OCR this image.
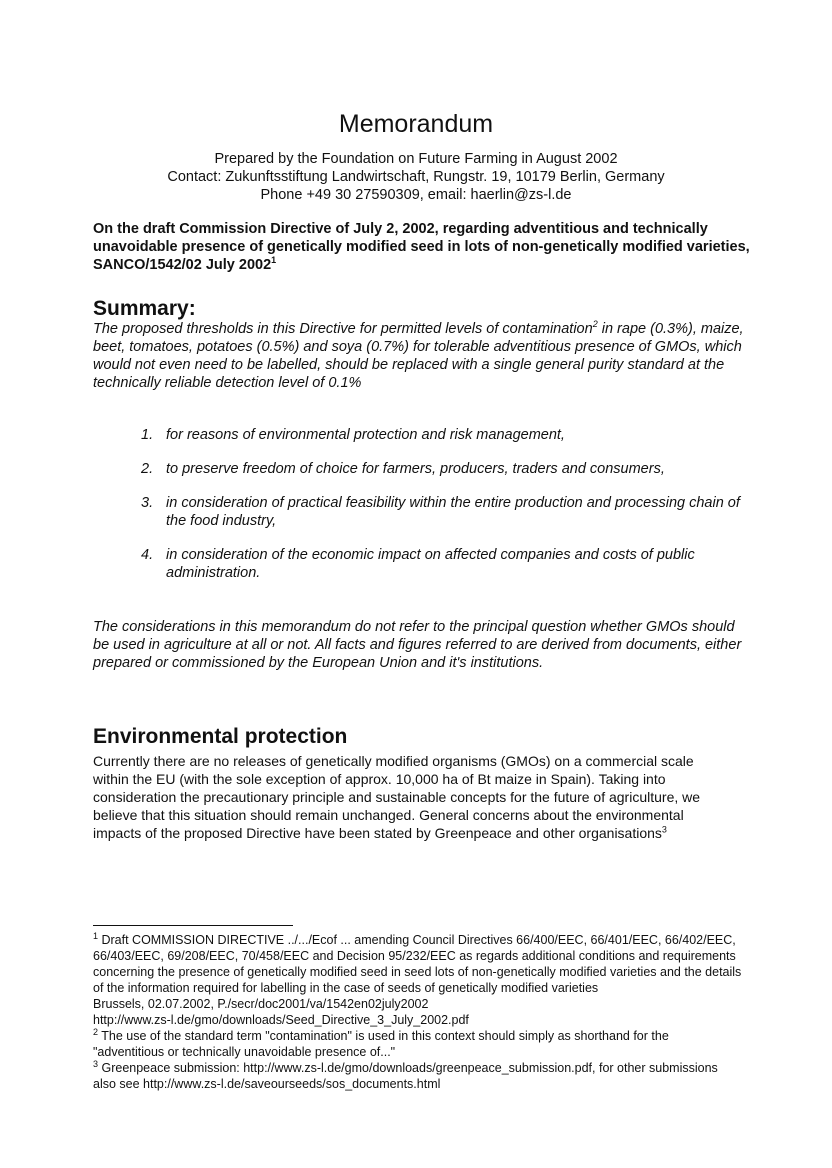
Memorandum
Prepared by the Foundation on Future Farming in August 2002
Contact: Zukunftsstiftung Landwirtschaft, Rungstr. 19, 10179 Berlin, Germany
Phone +49 30 27590309, email: haerlin@zs-l.de
On the draft Commission Directive of July 2, 2002, regarding adventitious and technically unavoidable presence of genetically modified seed in lots of non-genetically modified varieties, SANCO/1542/02 July 2002$^1$
Summary:
The proposed thresholds in this Directive for permitted levels of contamination$^2$ in rape (0.3%), maize, beet, tomatoes, potatoes (0.5%) and soya (0.7%) for tolerable adventitious presence of GMOs, which would not even need to be labelled, should be replaced with a single general purity standard at the technically reliable detection level of 0.1%
1. for reasons of environmental protection and risk management,
2. to preserve freedom of choice for farmers, producers, traders and consumers,
3. in consideration of practical feasibility within the entire production and processing chain of the food industry,
4. in consideration of the economic impact on affected companies and costs of public administration.
The considerations in this memorandum do not refer to the principal question whether GMOs should be used in agriculture at all or not. All facts and figures referred to are derived from documents, either prepared or commissioned by the European Union and it's institutions.
Environmental protection
Currently there are no releases of genetically modified organisms (GMOs) on a commercial scale within the EU (with the sole exception of approx. 10,000 ha of Bt maize in Spain). Taking into consideration the precautionary principle and sustainable concepts for the future of agriculture, we believe that this situation should remain unchanged. General concerns about the environmental impacts of the proposed Directive have been stated by Greenpeace and other organisations$^3$

$^1$ Draft COMMISSION DIRECTIVE ../.../Ecof ... amending Council Directives 66/400/EEC, 66/401/EEC, 66/402/EEC, 66/403/EEC, 69/208/EEC, 70/458/EEC and Decision 95/232/EEC as regards additional conditions and requirements concerning the presence of genetically modified seed in seed lots of non-genetically modified varieties and the details of the information required for labelling in the case of seeds of genetically modified varieties

Brussels, 02.07.2002, P./secr/doc2001/va/1542en02july2002

http://www.zs-l.de/gmo/downloads/Seed_Directive_3_July_2002.pdf

$^2$ The use of the standard term "contamination" is used in this context should simply as shorthand for the "adventitious or technically unavoidable presence of..."

$^3$ Greenpeace submission: http://www.zs-l.de/gmo/downloads/greenpeace_submission.pdf, for other submissions also see http://www.zs-l.de/saveourseeds/sos_documents.html
